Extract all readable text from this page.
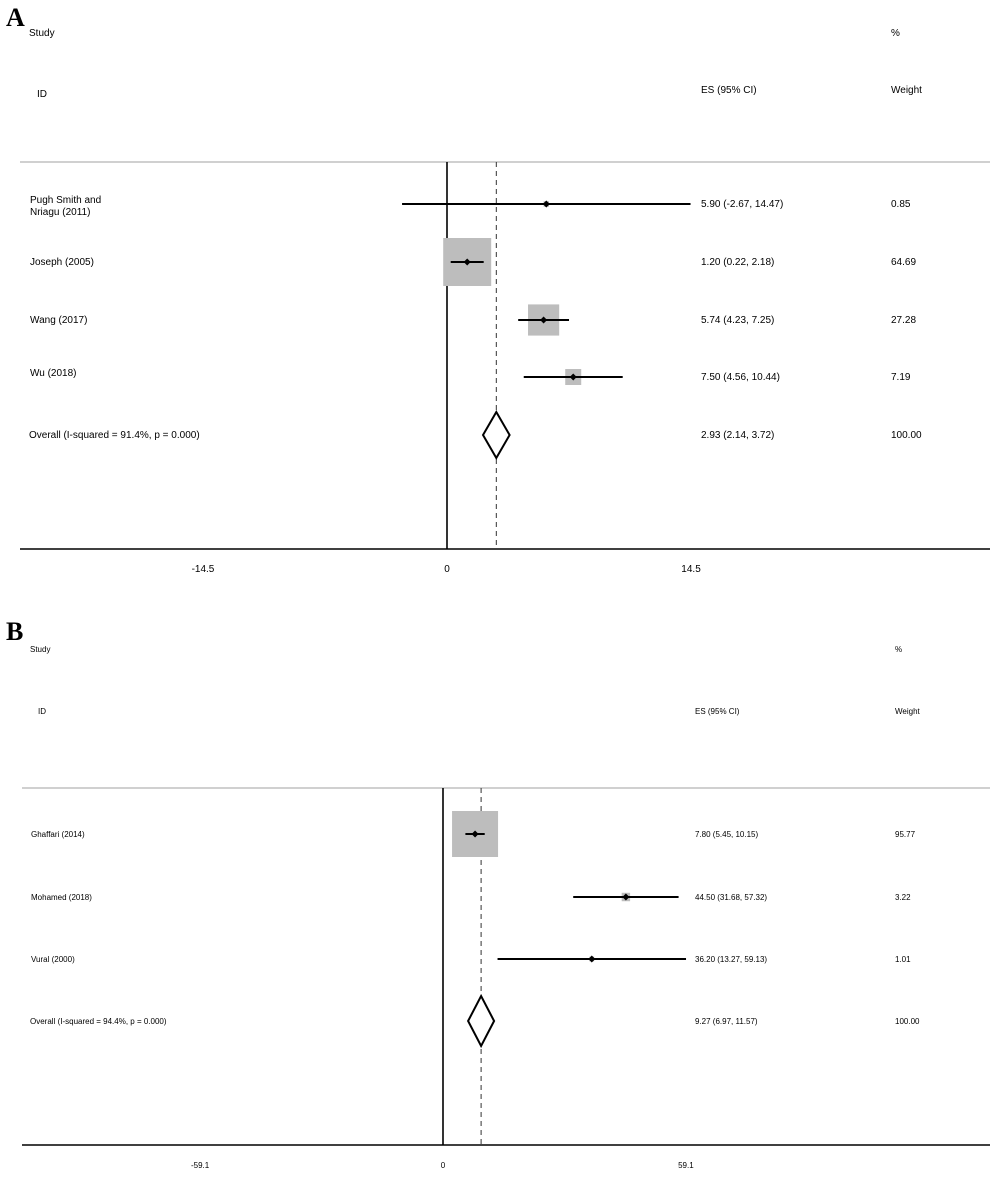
A
B
Study
ID	ES (95% CI)
%
Weight
-14.5	0	14.5
Pugh Smith and
Nriagu (2011)
5.90 (-2.67, 14.47)	0.85
Joseph (2005)	1.20 (0.22, 2.18)	64.69
Wang (2017)	5.74 (4.23, 7.25)	27.28
Wu (2018)	7.50 (4.56, 10.44)	7.19
Overall (I-squared = 91.4%, p = 0.000)	2.93 (2.14, 3.72)	100.00
Study
ID	ES (95% CI)
%
Weight
-59.1	0	59.1
Ghaffari (2014)	7.80 (5.45, 10.15)	95.77
Mohamed (2018)	44.50 (31.68, 57.32)	3.22
Vural (2000)	36.20 (13.27, 59.13)	1.01
Overall (I-squared = 94.4%, p = 0.000)	9.27 (6.97, 11.57)	100.00
